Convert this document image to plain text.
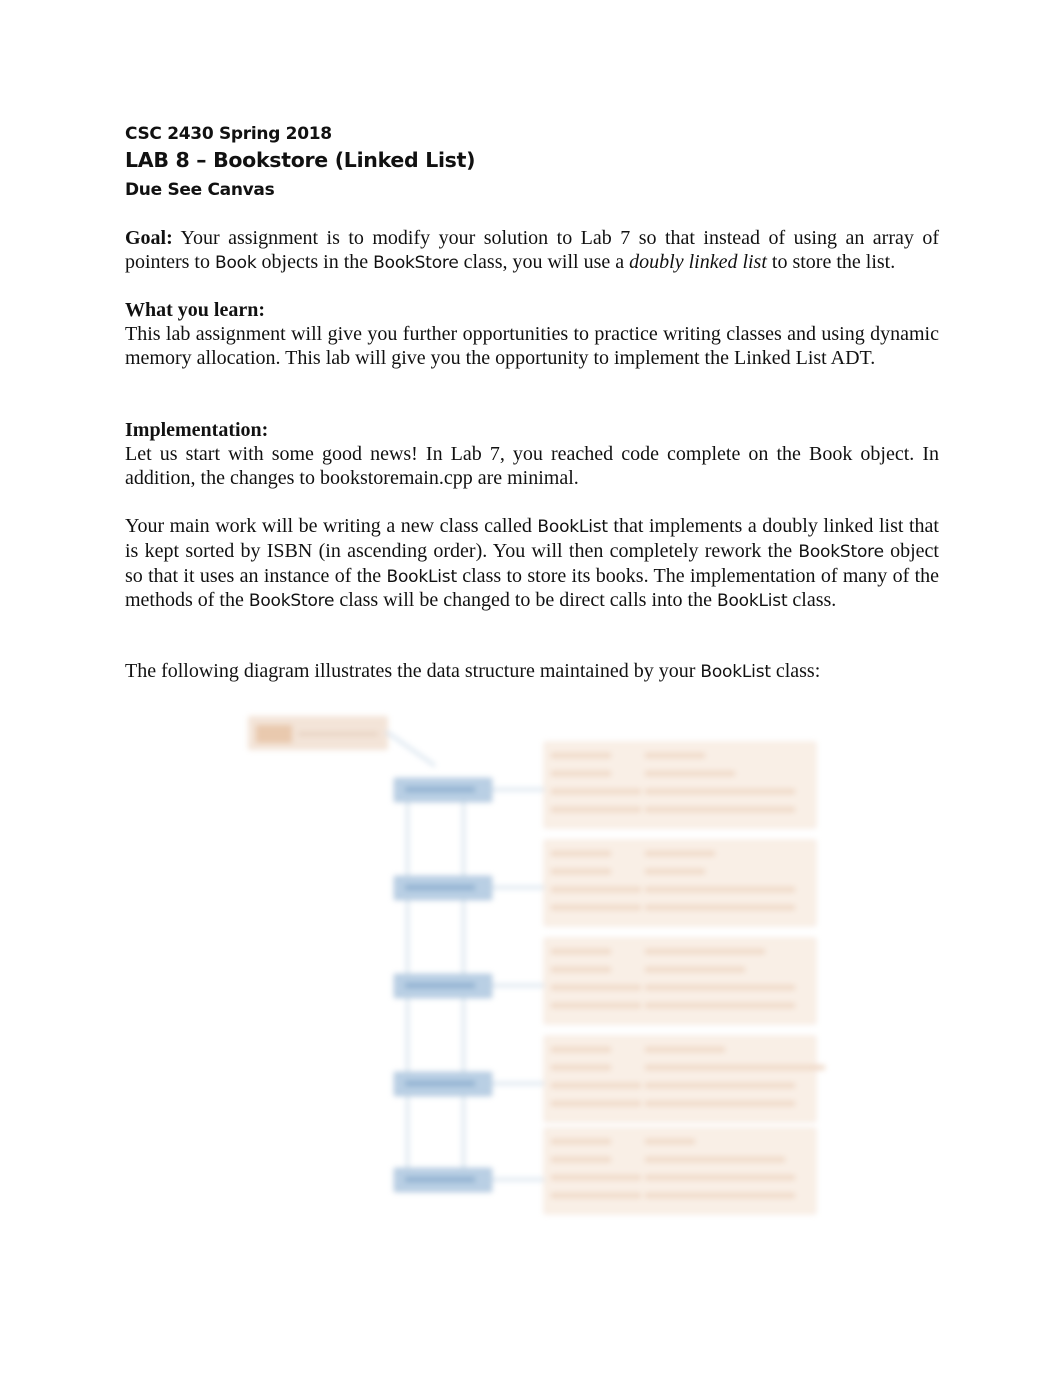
CSC 2430 Spring 2018
LAB 8 – Bookstore (Linked List)
Due See Canvas
Goal: Your assignment is to modify your solution to Lab 7 so that instead of using an array of pointers to Book objects in the BookStore class, you will use a doubly linked list to store the list.
What you learn:
This lab assignment will give you further opportunities to practice writing classes and using dynamic memory allocation. This lab will give you the opportunity to implement the Linked List ADT.
Implementation:
Let us start with some good news! In Lab 7, you reached code complete on the Book object. In addition, the changes to bookstoremain.cpp are minimal.
Your main work will be writing a new class called BookList that implements a doubly linked list that is kept sorted by ISBN (in ascending order). You will then completely rework the BookStore object so that it uses an instance of the BookList class to store its books. The implementation of many of the methods of the BookStore class will be changed to be direct calls into the BookList class.
The following diagram illustrates the data structure maintained by your BookList class:
